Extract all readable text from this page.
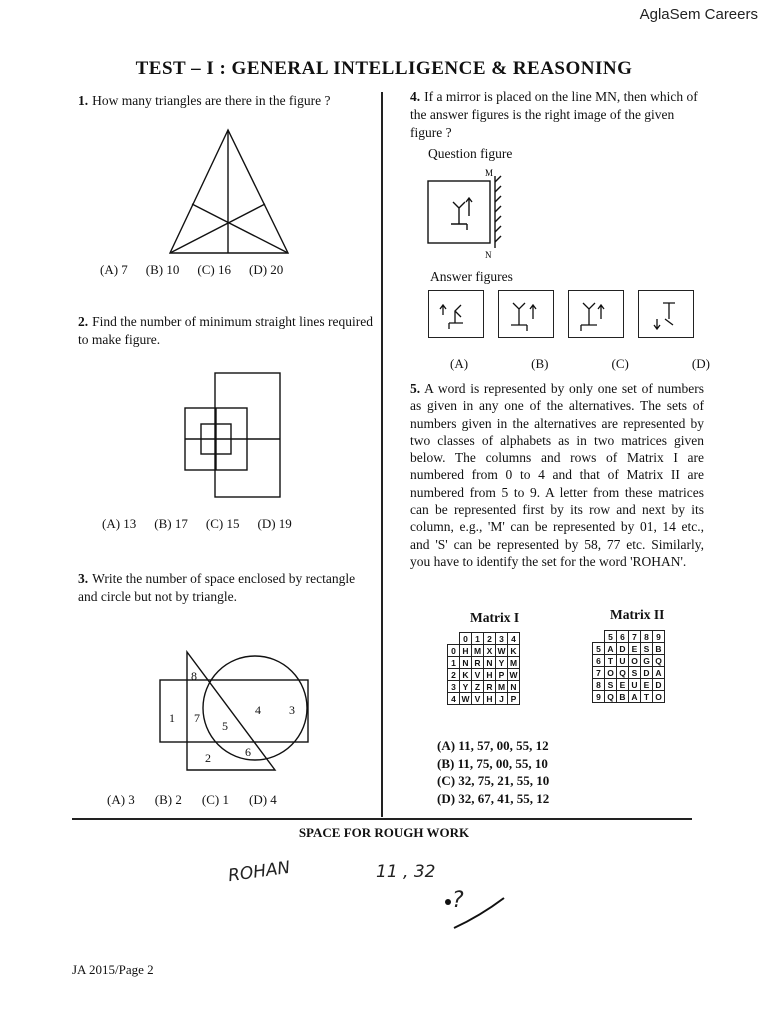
AglaSem Careers
TEST – I : GENERAL INTELLIGENCE & REASONING
1. How many triangles are there in the figure ?
(A) 7 (B) 10 (C) 16 (D) 20
2. Find the number of minimum straight lines required to make figure.
(A) 13 (B) 17 (C) 15 (D) 19
3. Write the number of space enclosed by rectangle and circle but not by triangle.
8
1 7
5
4 3
2	6
(A) 3 (B) 2 (C) 1 (D) 4
4. If a mirror is placed on the line MN, then which of the answer figures is the right image of the given figure ?
Question figure
M
N
Answer figures
(A)	(B)	(C)	(D)
5. A word is represented by only one set of numbers as given in any one of the alternatives. The sets of numbers given in the alternatives are represented by two classes of alphabets as in two matrices given below. The columns and rows of Matrix I are numbered from 0 to 4 and that of Matrix II are numbered from 5 to 9. A letter from these matrices can be represented first by its row and next by its column, e.g., 'M' can be represented by 01, 14 etc., and 'S' can be represented by 58, 77 etc. Similarly, you have to identify the set for the word 'ROHAN'.
Matrix I	Matrix II
	0	1	2	3	4
0	H	M	X	W	K
1	N	R	N	Y	M
2	K	V	H	P	W
3	Y	Z	R	M	N
4	W	V	H	J	P
	5	6	7	8	9
5	A	D	E	S	B
6	T	U	O	G	Q
7	O	Q	S	D	A
8	S	E	U	E	D
9	Q	B	A	T	O
(A) 11, 57, 00, 55, 12
(B) 11, 75, 00, 55, 10
(C) 32, 75, 21, 55, 10
(D) 32, 67, 41, 55, 12
SPACE FOR ROUGH WORK
ROHAN	11 , 32
?
JA 2015/Page 2
